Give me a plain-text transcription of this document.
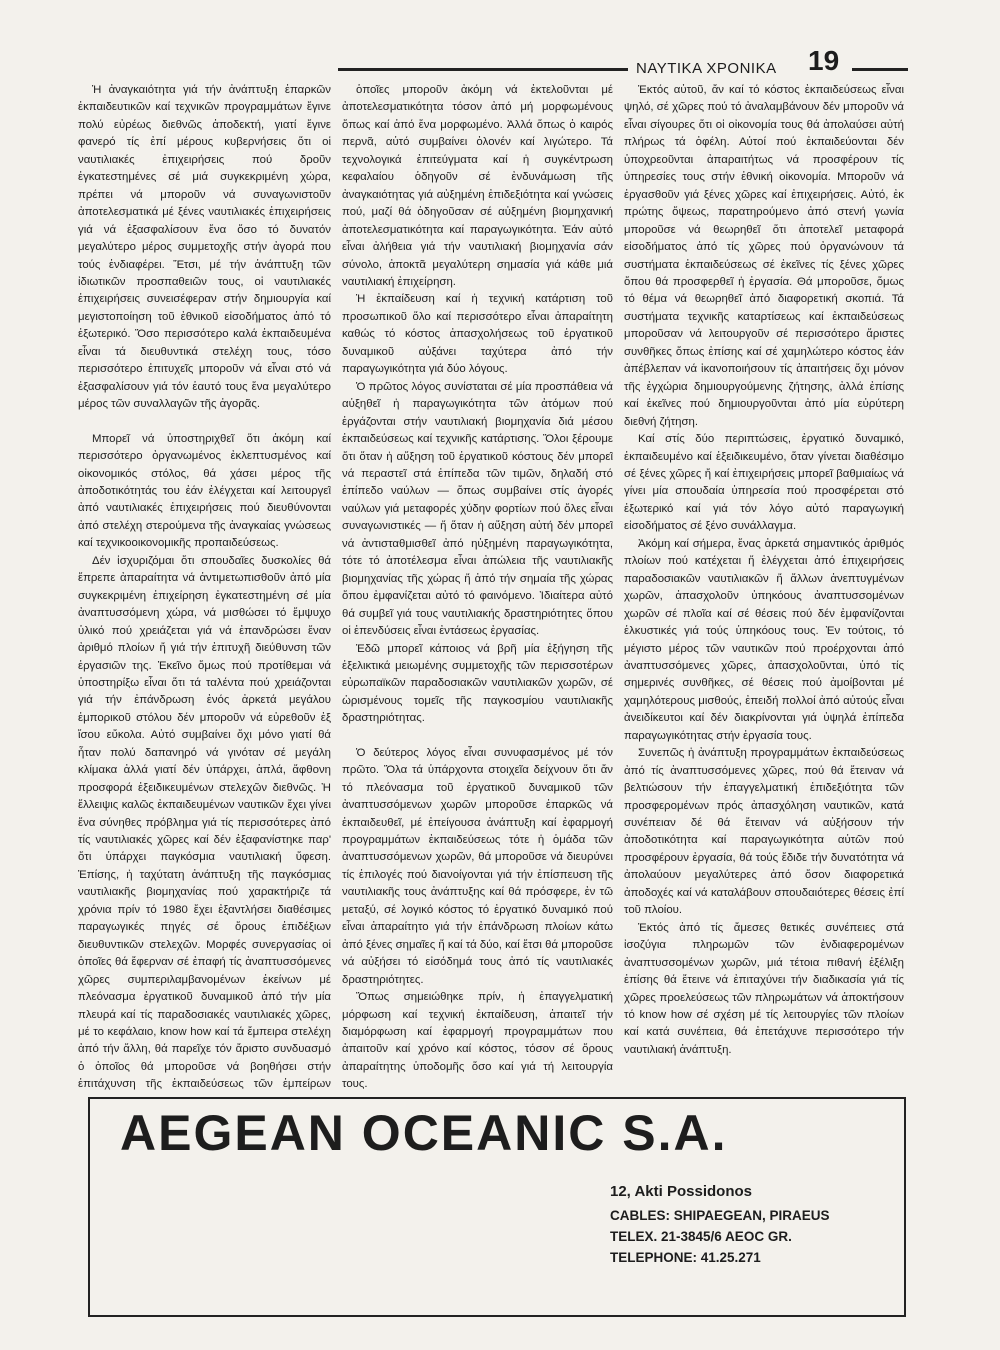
ΝΑΥΤΙΚΑ ΧΡΟΝΙΚΑ	19

Ἡ ἀναγκαιότητα γιά τήν ἀνάπτυξη ἐπαρκῶν ἐκπαιδευτικῶν καί τεχνικῶν προγραμμάτων ἔγινε πολύ εὐρέως διεθνῶς ἀποδεκτή, γιατί ἔγινε φανερό τίς ἐπί μέρους κυβερνήσεις ὅτι οἱ ναυτιλιακές ἐπιχειρήσεις πού δροῦν ἐγκατεστημένες σέ μιά συγκεκριμένη χώρα, πρέπει νά μποροῦν νά συναγωνιστοῦν ἀποτελεσματικά μέ ξένες ναυτιλιακές ἐπιχειρήσεις γιά νά ἐξασφαλίσουν ἕνα ὅσο τό δυνατόν μεγαλύτερο μέρος συμμετοχῆς στήν ἀγορά που τούς ἐνδιαφέρει. Ἔτσι, μέ τήν ἀνάπτυξη τῶν ἰδιωτικῶν προσπαθειῶν τους, οἱ ναυτιλιακές ἐπιχειρήσεις συνεισέφεραν στήν δημιουργία καί μεγιστοποίηση τοῦ ἐθνικοῦ εἰσοδήματος ἀπό τό ἐξωτερικό. Ὅσο περισσότερο καλά ἐκπαιδευμένα εἶναι τά διευθυντικά στελέχη τους, τόσο περισσότερο ἐπιτυχεῖς μποροῦν νά εἶναι στό νά ἐξασφαλίσουν γιά τόν ἑαυτό τους ἕνα μεγαλύτερο μέρος τῶν συναλλαγῶν τῆς ἀγορᾶς.

Μπορεῖ νά ὑποστηριχθεῖ ὅτι ἀκόμη καί περισσότερο ὀργανωμένος ἐκλεπτυσμένος καί οἰκονομικός στόλος, θά χάσει μέρος τῆς ἀποδοτικότητάς του ἐάν ἐλέγχεται καί λειτουργεῖ ἀπό ναυτιλιακές ἐπιχειρήσεις πού διευθύνονται ἀπό στελέχη στερούμενα τῆς ἀναγκαίας γνώσεως καί τεχνικοοικονομικῆς προπαιδεύσεως.

Δέν ἰσχυριζόμαι ὅτι σπουδαῖες δυσκολίες θά ἔπρεπε ἀπαραίτητα νά ἀντιμετωπισθοῦν ἀπό μία συγκεκριμένη ἐπιχείρηση ἐγκατεστημένη σέ μία ἀναπτυσσόμενη χώρα, νά μισθώσει τό ἔμψυχο ὑλικό πού χρειάζεται γιά νά ἐπανδρώσει ἕναν ἀριθμό πλοίων ἤ γιά τήν ἐπιτυχῆ διεύθυνση τῶν ἐργασιῶν της. Ἐκεῖνο ὅμως πού προτίθεμαι νά ὑποστηρίξω εἶναι ὅτι τά ταλέντα πού χρειάζονται γιά τήν ἐπάνδρωση ἑνός ἀρκετά μεγάλου ἐμπορικοῦ στόλου δέν μποροῦν νά εὑρεθοῦν ἐξ ἴσου εὔκολα. Αὐτό συμβαίνει ὄχι μόνο γιατί θά ἦταν πολύ δαπανηρό νά γινόταν σέ μεγάλη κλίμακα ἀλλά γιατί δέν ὑπάρχει, ἁπλά, ἄφθονη προσφορά ἐξειδικευμένων στελεχῶν διεθνῶς. Ἡ ἔλλειψις καλῶς ἐκπαιδευμένων ναυτικῶν ἔχει γίνει ἕνα σύνηθες πρόβλημα γιά τίς περισσότερες ἀπό τίς ναυτιλιακές χῶρες καί δέν ἐξαφανίστηκε παρ' ὅτι ὑπάρχει παγκόσμια ναυτιλιακή ὕφεση. Ἐπίσης, ἡ ταχύτατη ἀνάπτυξη τῆς παγκόσμιας ναυτιλιακῆς βιομηχανίας πού χαρακτήριζε τά χρόνια πρίν τό 1980 ἔχει ἐξαντλήσει διαθέσιμες παραγωγικές πηγές σέ ὅρους ἐπιδέξιων διευθυντικῶν στελεχῶν. Μορφές συνεργασίας οἱ ὁποῖες θά ἔφερναν σέ ἐπαφή τίς ἀναπτυσσόμενες χῶρες συμπεριλαμβανομένων ἐκείνων μέ πλεόνασμα ἐργατικοῦ δυναμικοῦ ἀπό τήν μία πλευρά καί τίς παραδοσιακές ναυτιλιακές χῶρες, μέ το κεφάλαιο, know how καί τά ἔμπειρα στελέχη ἀπό τήν ἄλλη, θά παρεῖχε τόν ἄριστο συνδυασμό ὁ ὁποῖος θά μποροῦσε νά βοηθήσει στήν ἐπιτάχυνση τῆς ἐκπαιδεύσεως τῶν ἐμπείρων

ὁποῖες μποροῦν ἀκόμη νά ἐκτελοῦνται μέ ἀποτελεσματικότητα τόσον ἀπό μή μορφωμένους ὅπως καί ἀπό ἕνα μορφωμένο. Ἀλλά ὅπως ὁ καιρός περνᾶ, αὐτό συμβαίνει ὁλονέν καί λιγώτερο. Τά τεχνολογικά ἐπιτεύγματα καί ἡ συγκέντρωση κεφαλαίου ὁδηγοῦν σέ ἐνδυνάμωση τῆς ἀναγκαιότητας γιά αὐξημένη ἐπιδεξιότητα καί γνώσεις πού, μαζί θά ὁδηγοῦσαν σέ αὐξημένη βιομηχανική ἀποτελεσματικότητα καί παραγωγικότητα. Ἐάν αὐτό εἶναι ἀλήθεια γιά τήν ναυτιλιακή βιομηχανία σάν σύνολο, ἀποκτᾶ μεγαλύτερη σημασία γιά κάθε μιά ναυτιλιακή ἐπιχείρηση.

Ἡ ἐκπαίδευση καί ἡ τεχνική κατάρτιση τοῦ προσωπικοῦ ὅλο καί περισσότερο εἶναι ἀπαραίτητη καθώς τό κόστος ἀπασχολήσεως τοῦ ἐργατικοῦ δυναμικοῦ αὐξάνει ταχύτερα ἀπό τήν παραγωγικότητα γιά δύο λόγους.

Ὁ πρῶτος λόγος συνίσταται σέ μία προσπάθεια νά αὐξηθεῖ ἡ παραγωγικότητα τῶν ἀτόμων πού ἐργάζονται στήν ναυτιλιακή βιομηχανία διά μέσου ἐκπαιδεύσεως καί τεχνικῆς κατάρτισης. Ὅλοι ξέρουμε ὅτι ὅταν ἡ αὔξηση τοῦ ἐργατικοῦ κόστους δέν μπορεῖ νά περαστεῖ στά ἐπίπεδα τῶν τιμῶν, δηλαδή στό ἐπίπεδο ναύλων — ὅπως συμβαίνει στίς ἀγορές ναύλων γιά μεταφορές χύδην φορτίων πού ὅλες εἶναι συναγωνιστικές — ἤ ὅταν ἡ αὔξηση αὐτή δέν μπορεῖ νά ἀντισταθμισθεῖ ἀπό ηὐξημένη παραγωγικότητα, τότε τό ἀποτέλεσμα εἶναι ἀπώλεια τῆς ναυτιλιακῆς βιομηχανίας τῆς χώρας ἤ ἀπό τήν σημαία τῆς χώρας ὅπου ἐμφανίζεται αὐτό τό φαινόμενο. Ἰδιαίτερα αὐτό θά συμβεῖ γιά τους ναυτιλιακής δραστηριότητες ὅπου οἱ ἐπενδύσεις εἶναι ἐντάσεως ἐργασίας.

Ἐδῶ μπορεῖ κάποιος νά βρῆ μία ἐξήγηση τῆς ἐξελικτικά μειωμένης συμμετοχῆς τῶν περισσοτέρων εὐρωπαϊκῶν παραδοσιακῶν ναυτιλιακῶν χωρῶν, σέ ὡρισμένους τομεῖς τῆς παγκοσμίου ναυτιλιακῆς δραστηριότητας.

Ὁ δεύτερος λόγος εἶναι συνυφασμένος μέ τόν πρῶτο. Ὅλα τά ὑπάρχοντα στοιχεῖα δείχνουν ὅτι ἄν τό πλεόνασμα τοῦ ἐργατικοῦ δυναμικοῦ τῶν ἀναπτυσσόμενων χωρῶν μποροῦσε ἐπαρκῶς νά ἐκπαιδευθεῖ, μέ ἐπείγουσα ἀνάπτυξη καί ἐφαρμογή προγραμμάτων ἐκπαιδεύσεως τότε ἡ ὁμάδα τῶν ἀναπτυσσόμενων χωρῶν, θά μποροῦσε νά διευρύνει τίς ἐπιλογές πού διανοίγονται γιά τήν ἐπίσπευση τῆς ναυτιλιακῆς τους ἀνάπτυξης καί θά πρόσφερε, ἐν τῶ μεταξύ, σέ λογικό κόστος τό ἐργατικό δυναμικό πού εἶναι ἀπαραίτητο γιά τήν ἐπάνδρωση πλοίων κάτω ἀπό ξένες σημαῖες ἤ καί τά δύο, καί ἔτσι θά μποροῦσε νά αὐξήσει τό εἰσόδημά τους ἀπό τίς ναυτιλιακές δραστηριότητες.

Ὅπως σημειώθηκε πρίν, ἡ ἐπαγγελματική μόρφωση καί τεχνική ἐκπαίδευση, ἀπαιτεῖ τήν διαμόρφωση καί ἐφαρμογή προγραμμάτων που ἀπαιτοῦν καί χρόνο καί κόστος, τόσον σέ ὅρους ἀπαραίτητης ὑποδομῆς ὅσο καί γιά τή λειτουργία τους.

Ἐκτός αὐτοῦ, ἄν καί τό κόστος ἐκπαιδεύσεως εἶναι ψηλό, σέ χῶρες πού τό ἀναλαμβάνουν δέν μποροῦν νά εἶναι σίγουρες ὅτι οἱ οἰκονομία τους θά ἀπολαύσει αὐτή πλήρως τά ὀφέλη. Αὐτοί πού ἐκπαιδεύονται δέν ὑποχρεοῦνται ἀπαραιτήτως νά προσφέρουν τίς ὑπηρεσίες τους στήν ἐθνική οἰκονομία. Μποροῦν νά ἐργασθοῦν γιά ξένες χῶρες καί ἐπιχειρήσεις. Αὐτό, ἐκ πρώτης ὄψεως, παρατηρούμενο ἀπό στενή γωνία μποροῦσε νά θεωρηθεῖ ὅτι ἀποτελεῖ μεταφορά εἰσοδήματος ἀπό τίς χῶρες πού ὀργανώνουν τά συστήματα ἐκπαιδεύσεως σέ ἐκεῖνες τίς ξένες χῶρες ὅπου θά προσφερθεῖ ἡ ἐργασία. Θά μποροῦσε, ὅμως τό θέμα νά θεωρηθεῖ ἀπό διαφορετική σκοπιά. Τά συστήματα τεχνικῆς καταρτίσεως καί ἐκπαιδεύσεως μποροῦσαν νά λειτουργοῦν σέ περισσότερο ἄριστες συνθῆκες ὅπως ἐπίσης καί σέ χαμηλώτερο κόστος ἐάν ἀπέβλεπαν νά ἱκανοποιήσουν τίς ἀπαιτήσεις ὄχι μόνον τῆς ἐγχώρια δημιουργούμενης ζήτησης, ἀλλά ἐπίσης καί ἐκεῖνες πού δημιουργοῦνται ἀπό μία εὐρύτερη διεθνή ζήτηση.

Καί στίς δύο περιπτώσεις, ἐργατικό δυναμικό, ἐκπαιδευμένο καί ἐξειδικευμένο, ὅταν γίνεται διαθέσιμο σέ ξένες χῶρες ἤ καί ἐπιχειρήσεις μπορεῖ βαθμιαίως νά γίνει μία σπουδαία ὑπηρεσία πού προσφέρεται στό ἐξωτερικό καί γιά τόν λόγο αὐτό παραγωγική εἰσοδήματος σέ ξένο συνάλλαγμα.

Ἀκόμη καί σήμερα, ἕνας ἀρκετά σημαντικός ἀριθμός πλοίων πού κατέχεται ἤ ἐλέγχεται ἀπό ἐπιχειρήσεις παραδοσιακῶν ναυτιλιακῶν ἤ ἄλλων ἀνεπτυγμένων χωρῶν, ἀπασχολοῦν ὑπηκόους ἀναπτυσσομένων χωρῶν σέ πλοῖα καί σέ θέσεις πού δέν ἐμφανίζονται ἑλκυστικές γιά τούς ὑπηκόους τους. Ἐν τούτοις, τό μέγιστο μέρος τῶν ναυτικῶν πού προέρχονται ἀπό ἀναπτυσσόμενες χῶρες, ἀπασχολοῦνται, ὑπό τίς σημερινές συνθῆκες, σέ θέσεις πού ἀμοίβονται μέ χαμηλότερους μισθούς, ἐπειδή πολλοί ἀπό αὐτούς εἶναι ἀνειδίκευτοι καί δέν διακρίνονται γιά ὑψηλά ἐπίπεδα παραγωγικότητας στήν ἐργασία τους.

Συνεπῶς ἡ ἀνάπτυξη προγραμμάτων ἐκπαιδεύσεως ἀπό τίς ἀναπτυσσόμενες χῶρες, πού θά ἔτειναν νά βελτιώσουν τήν ἐπαγγελματική ἐπιδεξιότητα τῶν προσφερομένων πρός ἀπασχόληση ναυτικῶν, κατά συνέπειαν δέ θά ἔτειναν νά αὐξήσουν τήν ἀποδοτικότητα καί παραγωγικότητα αὐτῶν πού προσφέρουν ἐργασία, θά τούς ἔδιδε τήν δυνατότητα νά ἀπολαύουν μεγαλύτερες ἀπό ὅσον διαφορετικά ἀποδοχές καί νά καταλάβουν σπουδαιότερες θέσεις ἐπί τοῦ πλοίου.

Ἐκτός ἀπό τίς ἄμεσες θετικές συνέπειες στά ἰσοζύγια πληρωμῶν τῶν ἐνδιαφερομένων ἀναπτυσσομένων χωρῶν, μιά τέτοια πιθανή ἐξέλιξη ἐπίσης θά ἔτεινε νά ἐπιταχύνει τήν διαδικασία γιά τίς χῶρες προελεύσεως τῶν πληρωμάτων νά ἀποκτήσουν τό know how σέ σχέση μέ τίς λειτουργίες τῶν πλοίων καί κατά συνέπεια, θά ἐπετάχυνε περισσότερο τήν ναυτιλιακή ἀνάπτυξη.

AEGEAN OCEANIC S.A.
12, Akti Possidonos
CABLES: SHIPAEGEAN, PIRAEUS
TELEX. 21-3845/6 AEOC GR.
TELEPHONE: 41.25.271
